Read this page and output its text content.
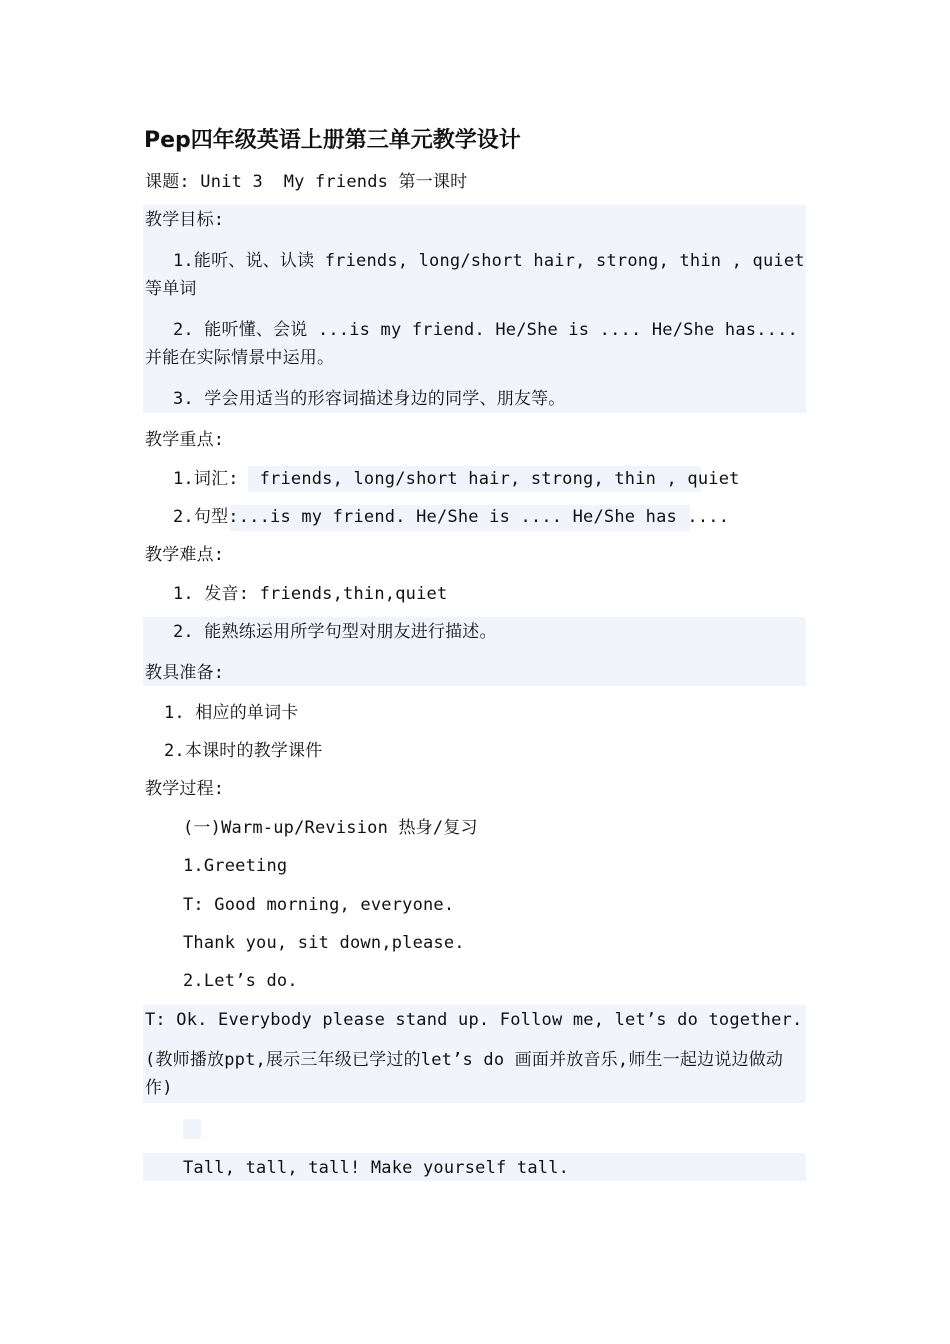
Pep四年级英语上册第三单元教学设计
课题: Unit 3  My friends 第一课时
教学目标:
1.能听、说、认读 friends, long/short hair, strong, thin , quiet等单词
2. 能听懂、会说 ...is my friend. He/She is .... He/She has.... 并能在实际情景中运用。
3. 学会用适当的形容词描述身边的同学、朋友等。
教学重点:
1.词汇:  friends, long/short hair, strong, thin , quiet
2.句型:...is my friend. He/She is .... He/She has ....
教学难点:
1. 发音: friends,thin,quiet
2. 能熟练运用所学句型对朋友进行描述。
教具准备:
1. 相应的单词卡
2.本课时的教学课件
教学过程:
(一)Warm-up/Revision 热身/复习
1.Greeting
T: Good morning, everyone.
Thank you, sit down,please.
2.Let’s do.
T: Ok. Everybody please stand up. Follow me, let’s do together.
(教师播放ppt,展示三年级已学过的let’s do 画面并放音乐,师生一起边说边做动作)
Tall, tall, tall! Make yourself tall.
